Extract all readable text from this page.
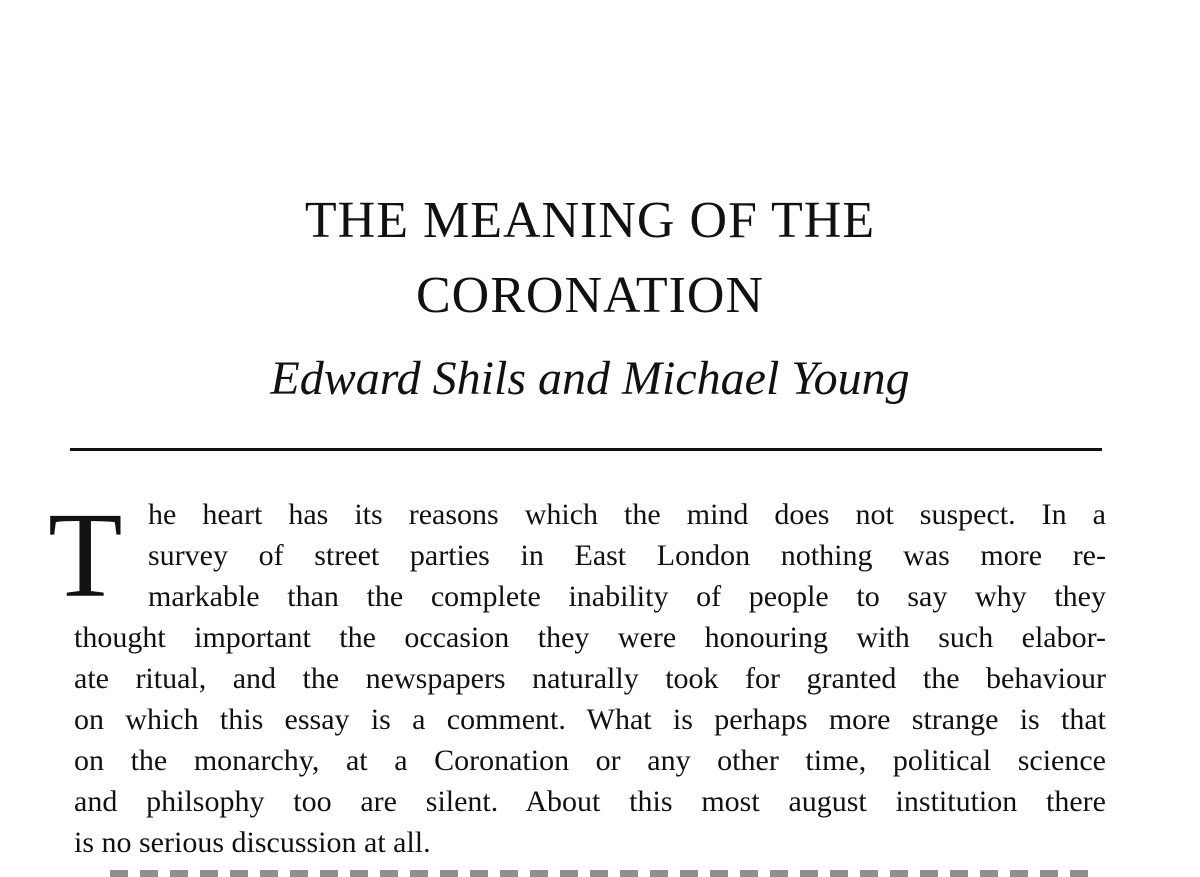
THE MEANING OF THE
CORONATION
Edward Shils and Michael Young
T he heart has its reasons which the mind does not suspect. In a
survey of street parties in East London nothing was more re-
markable than the complete inability of people to say why they
thought important the occasion they were honouring with such elabor-
ate ritual, and the newspapers naturally took for granted the behaviour
on which this essay is a comment. What is perhaps more strange is that
on the monarchy, at a Coronation or any other time, political science
and philsophy too are silent. About this most august institution there
is no serious discussion at all.
